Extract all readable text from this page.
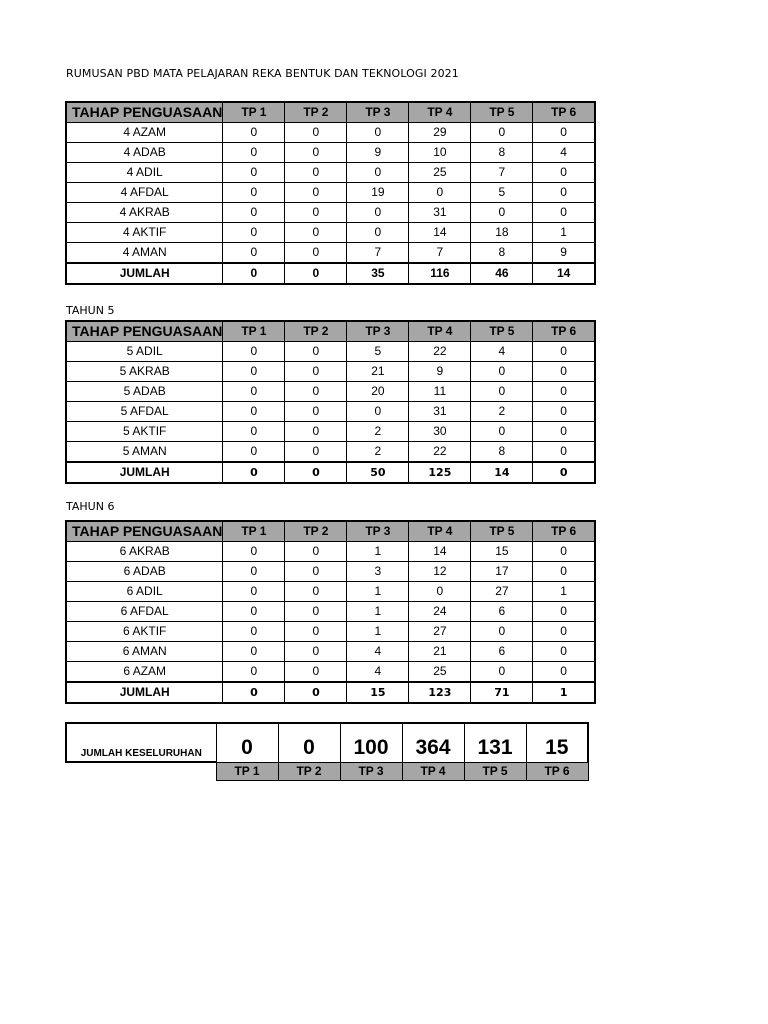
RUMUSAN PBD MATA PELAJARAN REKA BENTUK DAN TEKNOLOGI 2021
TAHAP PENGUASAAN	TP 1	TP 2	TP 3	TP 4	TP 5	TP 6
4 AZAM	0	0	0	29	0	0
4 ADAB	0	0	9	10	8	4
4 ADIL	0	0	0	25	7	0
4 AFDAL	0	0	19	0	5	0
4 AKRAB	0	0	0	31	0	0
4 AKTIF	0	0	0	14	18	1
4 AMAN	0	0	7	7	8	9
JUMLAH	0	0	35	116	46	14
TAHUN 5
TAHAP PENGUASAAN	TP 1	TP 2	TP 3	TP 4	TP 5	TP 6
5 ADIL	0	0	5	22	4	0
5 AKRAB	0	0	21	9	0	0
5 ADAB	0	0	20	11	0	0
5 AFDAL	0	0	0	31	2	0
5 AKTIF	0	0	2	30	0	0
5 AMAN	0	0	2	22	8	0
JUMLAH	0	0	50	125	14	0
TAHUN 6
TAHAP PENGUASAAN	TP 1	TP 2	TP 3	TP 4	TP 5	TP 6
6 AKRAB	0	0	1	14	15	0
6 ADAB	0	0	3	12	17	0
6 ADIL	0	0	1	0	27	1
6 AFDAL	0	0	1	24	6	0
6 AKTIF	0	0	1	27	0	0
6 AMAN	0	0	4	21	6	0
6 AZAM	0	0	4	25	0	0
JUMLAH	0	0	15	123	71	1
JUMLAH KESELURUHAN	0	0	100	364	131	15
	TP 1	TP 2	TP 3	TP 4	TP 5	TP 6
